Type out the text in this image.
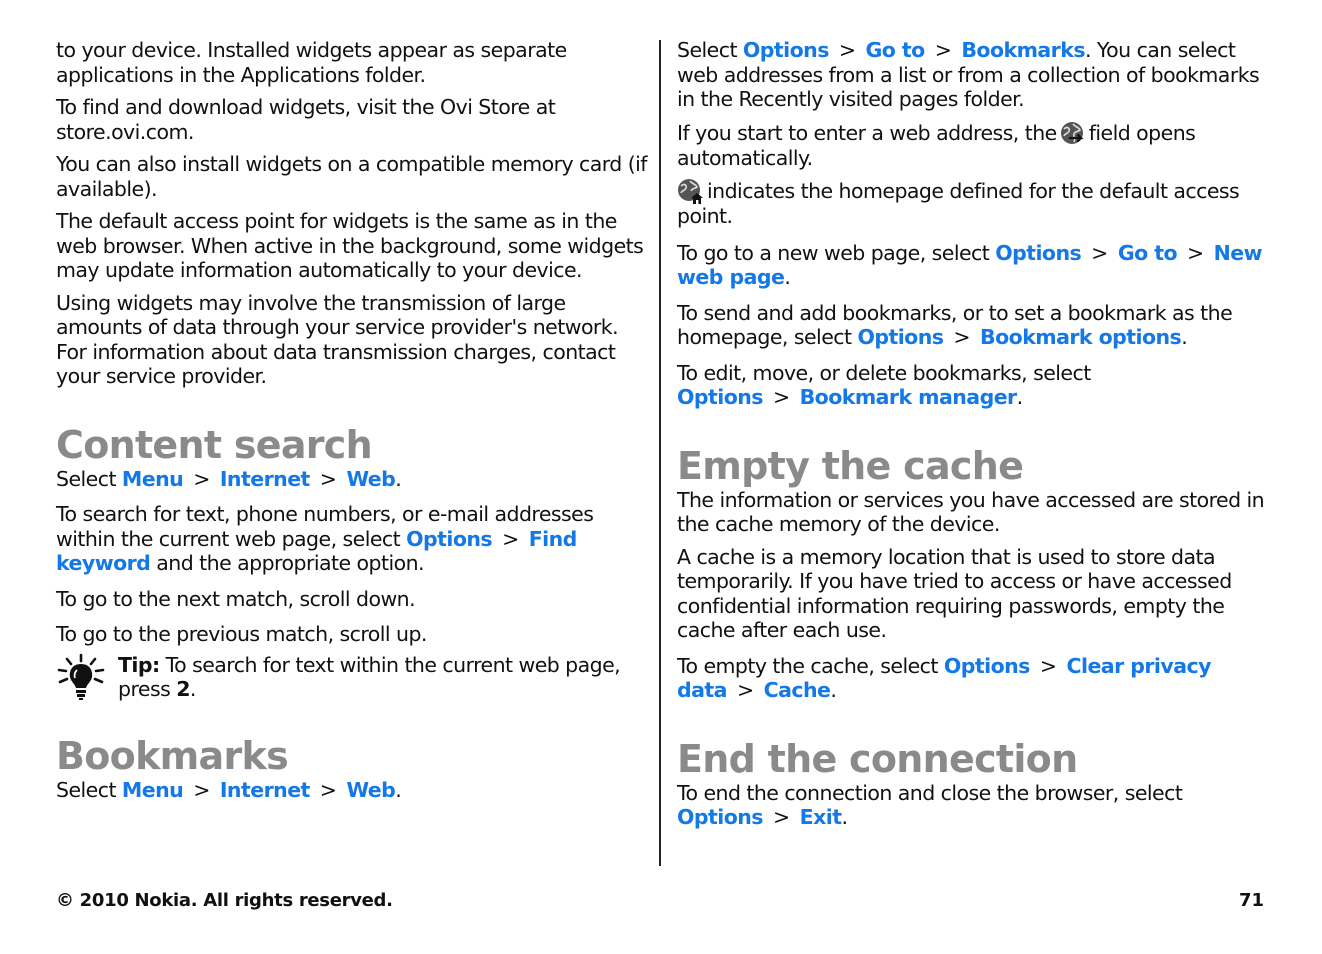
to your device. Installed widgets appear as separate applications in the Applications folder.

To find and download widgets, visit the Ovi Store at store.ovi.com.

You can also install widgets on a compatible memory card (if available).

The default access point for widgets is the same as in the web browser. When active in the background, some widgets may update information automatically to your device.

Using widgets may involve the transmission of large amounts of data through your service provider's network. For information about data transmission charges, contact your service provider.

Content search

Select Menu > Internet > Web.

To search for text, phone numbers, or e-mail addresses within the current web page, select Options > Find keyword and the appropriate option.

To go to the next match, scroll down.

To go to the previous match, scroll up.

Tip: To search for text within the current web page, press 2.

Bookmarks

Select Menu > Internet > Web.

Select Options > Go to > Bookmarks. You can select web addresses from a list or from a collection of bookmarks in the Recently visited pages folder.

If you start to enter a web address, the field opens automatically.

indicates the homepage defined for the default access point.

To go to a new web page, select Options > Go to > New web page.

To send and add bookmarks, or to set a bookmark as the homepage, select Options > Bookmark options.

To edit, move, or delete bookmarks, select Options > Bookmark manager.

Empty the cache

The information or services you have accessed are stored in the cache memory of the device.

A cache is a memory location that is used to store data temporarily. If you have tried to access or have accessed confidential information requiring passwords, empty the cache after each use.

To empty the cache, select Options > Clear privacy data > Cache.

End the connection

To end the connection and close the browser, select Options > Exit.

© 2010 Nokia. All rights reserved.	71
